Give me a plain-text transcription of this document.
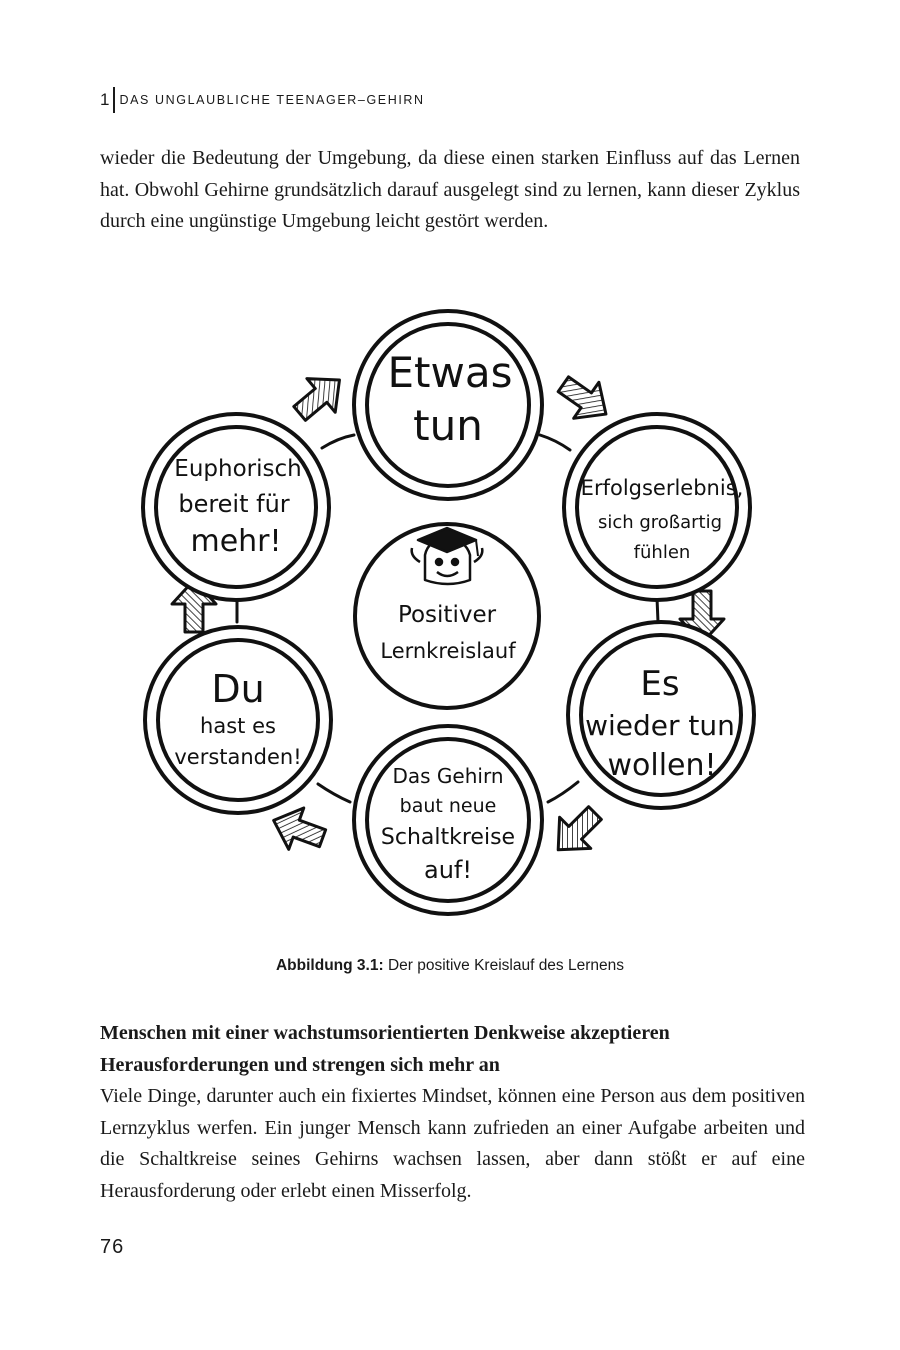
1 DAS UNGLAUBLICHE TEENAGER–GEHIRN

wieder die Bedeutung der Umgebung, da diese einen starken Einfluss auf das Lernen hat. Obwohl Gehirne grundsätzlich darauf ausgelegt sind zu lernen, kann dieser Zyklus durch eine ungünstige Umgebung leicht gestört werden.

Etwas
tun
Erfolgserlebnis,
sich großartig
fühlen
Es
wieder tun
wollen!
Das Gehirn
baut neue
Schaltkreise
auf!
Du
hast es
verstanden!
Euphorisch
bereit für
mehr!
Positiver
Lernkreislauf
Abbildung 3.1: Der positive Kreislauf des Lernens
Menschen mit einer wachstumsorientierten Denkweise akzeptieren Herausforderungen und strengen sich mehr an

Viele Dinge, darunter auch ein fixiertes Mindset, können eine Person aus dem positiven Lernzyklus werfen. Ein junger Mensch kann zufrieden an einer Aufgabe arbeiten und die Schaltkreise seines Gehirns wachsen lassen, aber dann stößt er auf eine Herausforderung oder erlebt einen Misserfolg.

76
